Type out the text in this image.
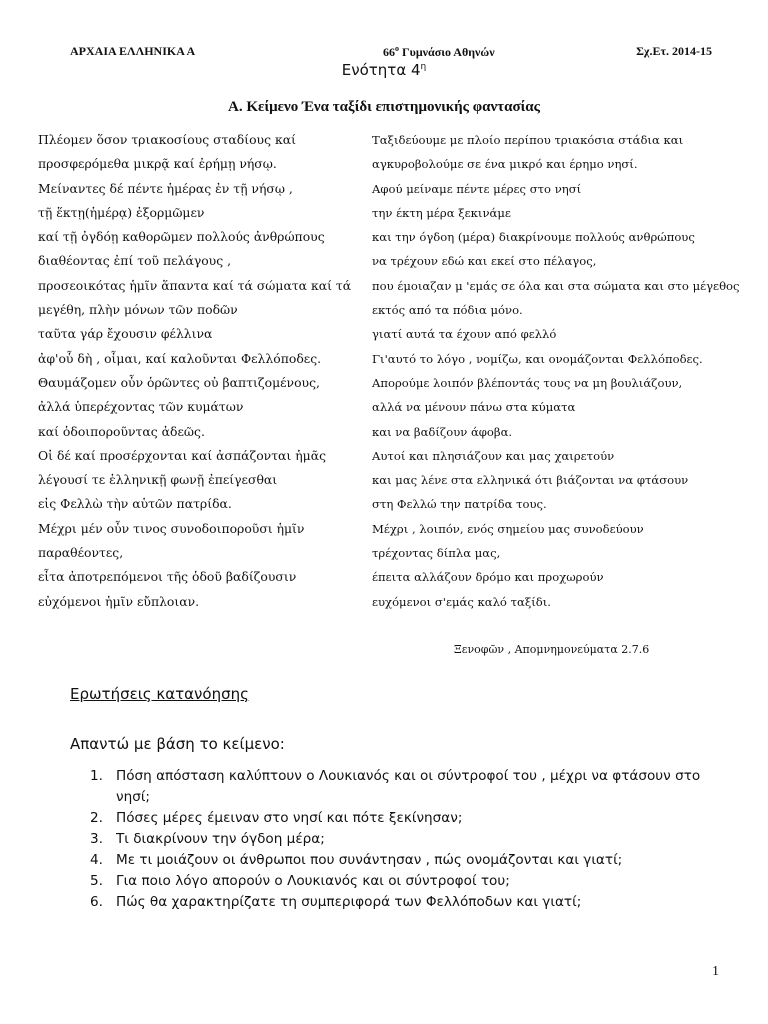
ΑΡΧΑΙΑ ΕΛΛΗΝΙΚΑ Α	$66^o$ Γυμνάσιο Αθηνών	Σχ.Ετ. 2014-15
Ενότητα $4^\eta$
Α. Κείμενο Ένα ταξίδι επιστημονικής φαντασίας
Πλέομεν ὅσον τριακοσίους σταδίους καί
προσφερόμεθα μικρᾷ καί ἐρήμῃ νήσῳ.
Μείναντες δέ πέντε ἡμέρας ἐν τῇ νήσῳ ,
τῇ ἕκτῃ(ἡμέρᾳ) ἐξορμῶμεν
καί τῇ ὀγδόῃ καθορῶμεν πολλούς ἀνθρώπους
διαθέοντας ἐπί τοῦ πελάγους ,
προσεοικότας ἡμῖν ἅπαντα καί τά σώματα καί τά
μεγέθη, πλὴν μόνων τῶν ποδῶν
ταῦτα γάρ ἔχουσιν φέλλινα
ἀφ'οὗ δὴ , οἶμαι, καί καλοῦνται Φελλόποδες.
Θαυμάζομεν οὖν ὁρῶντες οὐ βαπτιζομένους,
ἀλλά ὑπερέχοντας τῶν κυμάτων
καί ὁδοιποροῦντας ἀδεῶς.
Οἱ δέ καί προσέρχονται καί ἀσπάζονται ἡμᾶς
λέγουσί τε ἑλληνικῇ φωνῇ ἐπείγεσθαι
εἰς Φελλὼ τὴν αὑτῶν πατρίδα.
Μέχρι μέν οὖν τινος συνοδοιποροῦσι ἡμῖν
παραθέοντες,
εἶτα ἀποτρεπόμενοι τῆς ὁδοῦ βαδίζουσιν
εὐχόμενοι ἡμῖν εὔπλοιαν.
Ταξιδεύουμε με πλοίο περίπου τριακόσια στάδια και
αγκυροβολούμε σε ένα μικρό και έρημο νησί.
Αφού μείναμε πέντε μέρες στο νησί
την έκτη μέρα ξεκινάμε
και την όγδοη (μέρα) διακρίνουμε πολλούς ανθρώπους
να τρέχουν εδώ και εκεί στο πέλαγος,
που έμοιαζαν μ 'εμάς σε όλα και στα σώματα και στο μέγεθος
εκτός από τα πόδια μόνο.
γιατί αυτά τα έχουν από φελλό
Γι'αυτό το λόγο , νομίζω, και ονομάζονται Φελλόποδες.
Απορούμε λοιπόν βλέποντάς τους να μη βουλιάζουν,
αλλά να μένουν πάνω στα κύματα
και να βαδίζουν άφοβα.
Αυτοί και πλησιάζουν και μας χαιρετούν
και μας λένε στα ελληνικά ότι βιάζονται να φτάσουν
στη Φελλώ την πατρίδα τους.
Μέχρι , λοιπόν, ενός σημείου μας συνοδεύουν
τρέχοντας δίπλα μας,
έπειτα αλλάζουν δρόμο και προχωρούν
ευχόμενοι σ'εμάς καλό ταξίδι.
Ξενοφῶν , Απομνημονεύματα 2.7.6
Ερωτήσεις κατανόησης
Απαντώ με βάση το κείμενο:
1. Πόση απόσταση καλύπτουν ο Λουκιανός και οι σύντροφοί του , μέχρι να φτάσουν στο νησί;
2. Πόσες μέρες έμειναν στο νησί και πότε ξεκίνησαν;
3. Τι διακρίνουν την όγδοη μέρα;
4. Με τι μοιάζουν οι άνθρωποι που συνάντησαν , πώς ονομάζονται και γιατί;
5. Για ποιο λόγο απορούν ο Λουκιανός και οι σύντροφοί του;
6. Πώς θα χαρακτηρίζατε τη συμπεριφορά των Φελλόποδων και γιατί;
1
